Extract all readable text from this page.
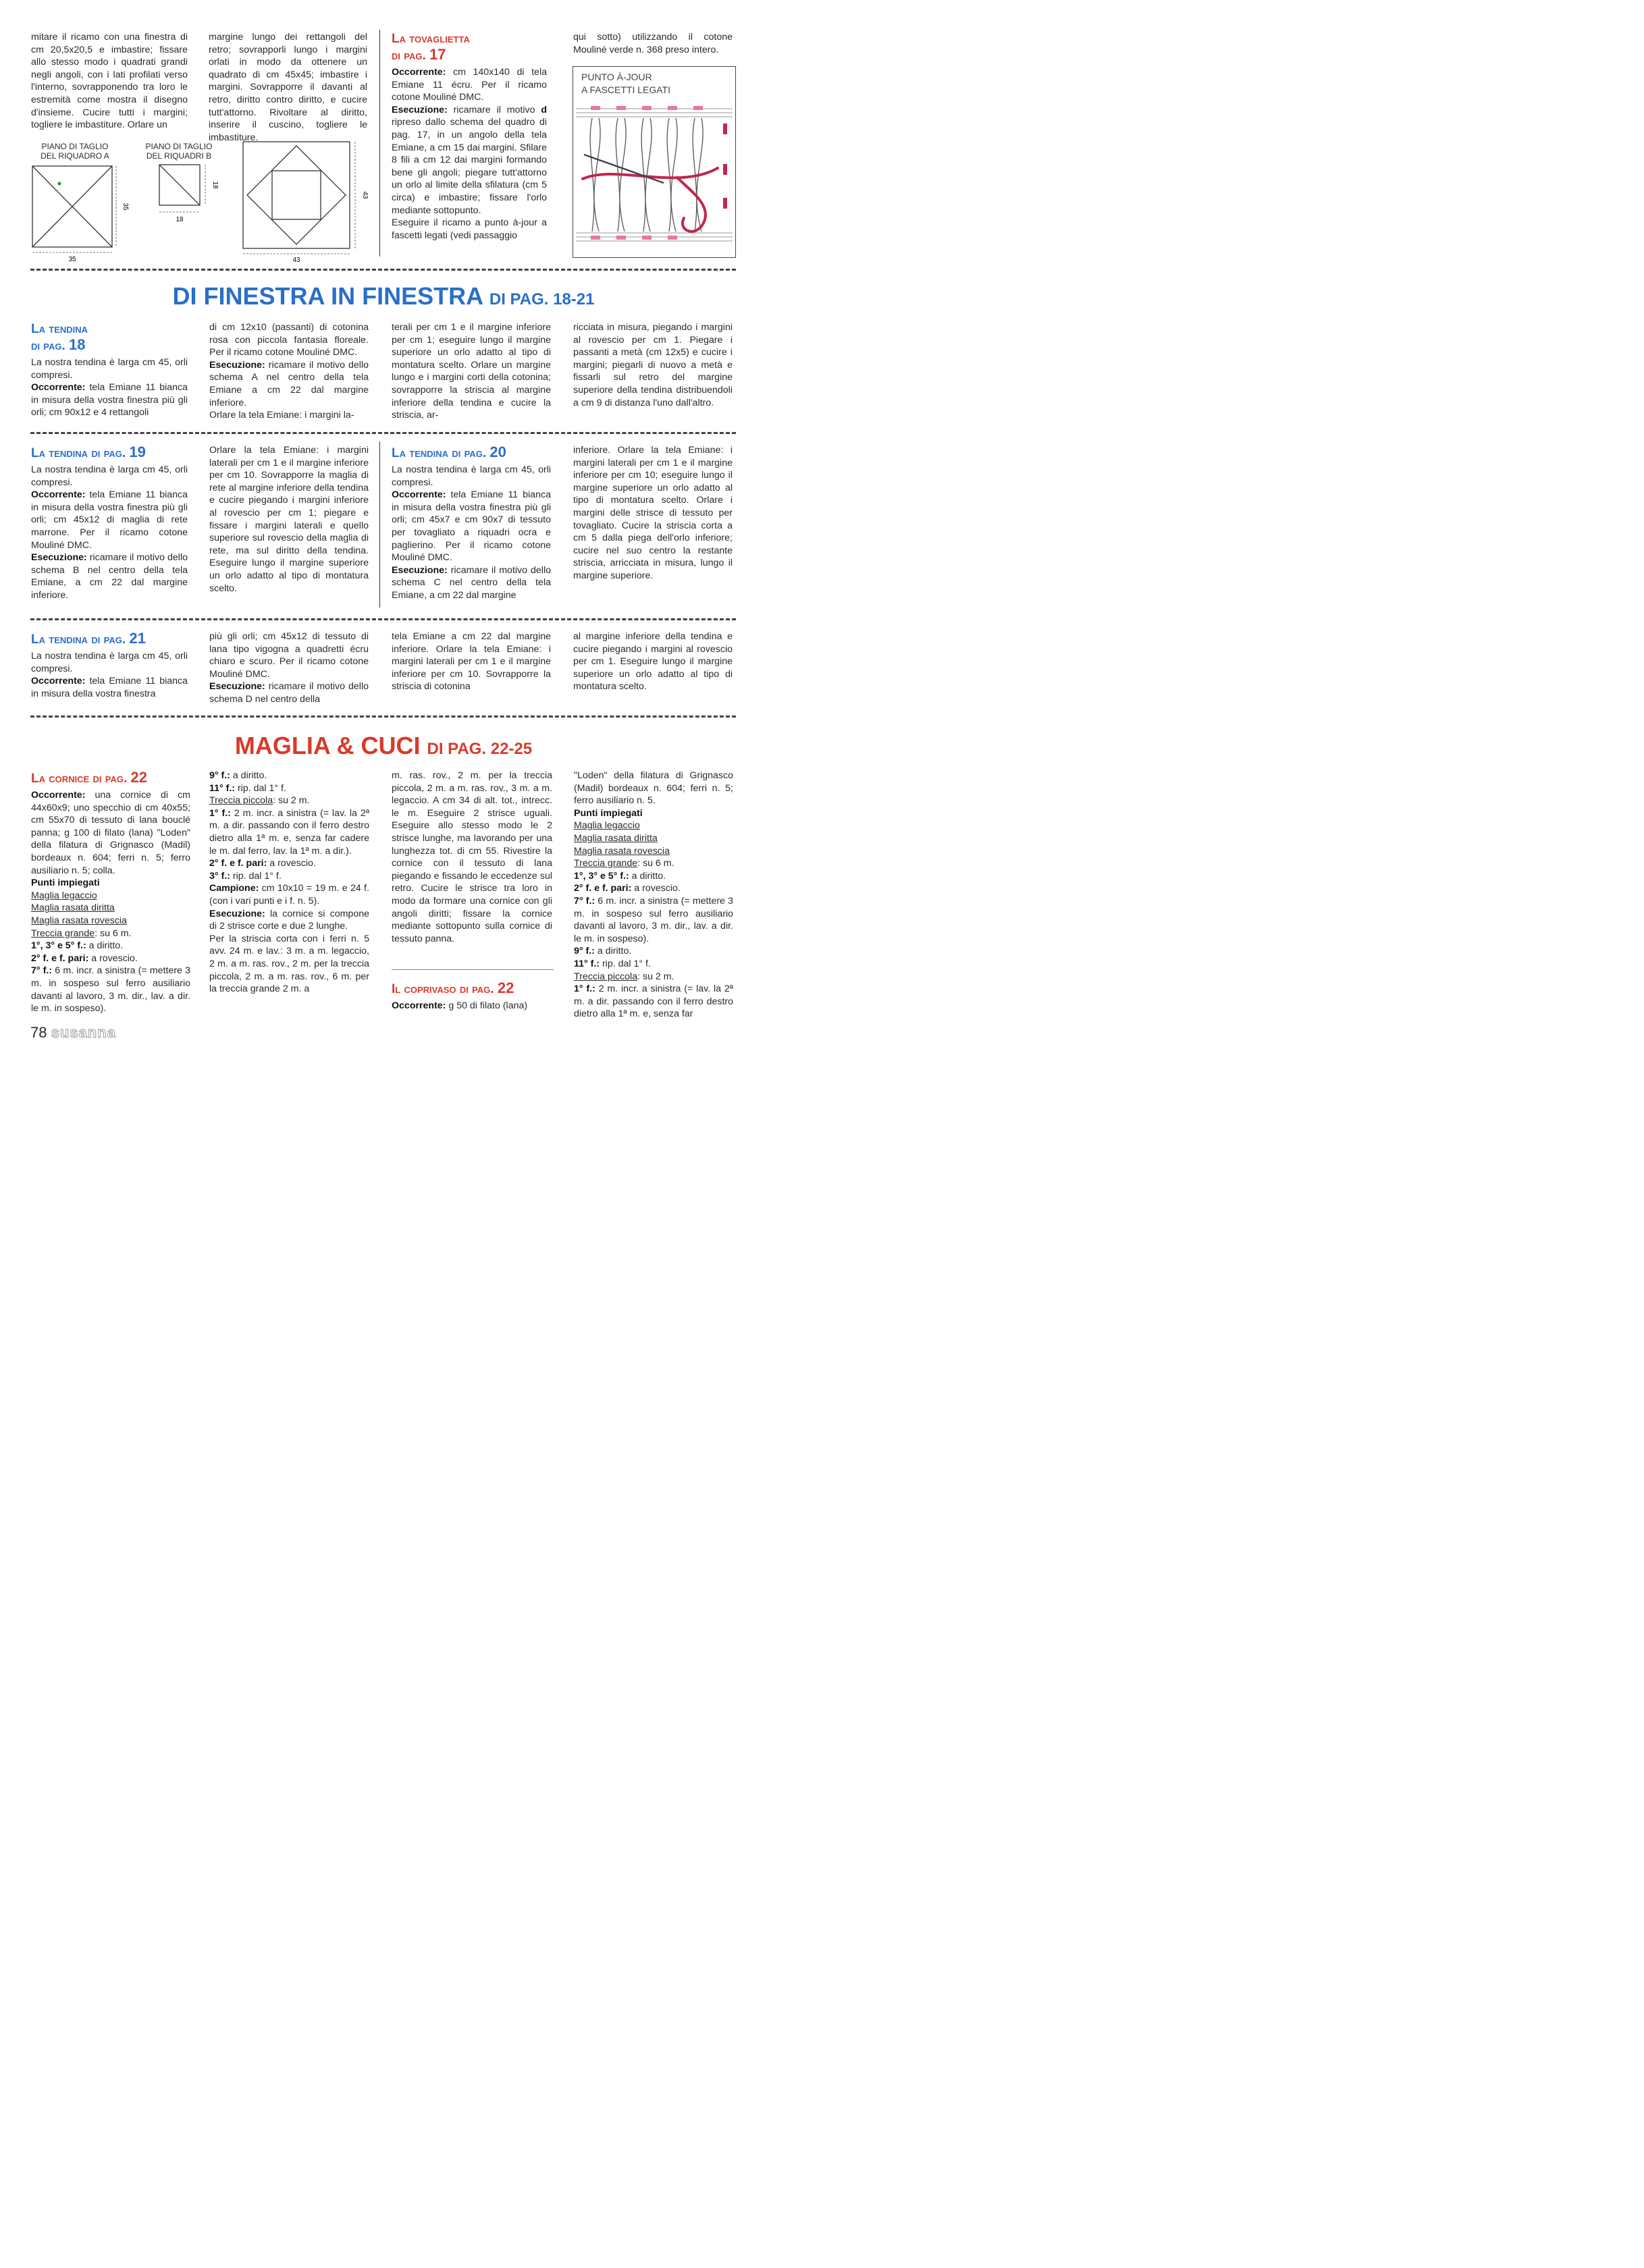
mitare il ricamo con una finestra di cm 20,5x20,5 e imbastire; fissare allo stesso modo i quadrati grandi negli angoli, con i lati profilati verso l'interno, sovrapponendo tra loro le estremità come mostra il disegno d'insieme. Cucire tutti i margini; togliere le imbastiture. Orlare un

margine lungo dei rettangoli del retro; sovrapporli lungo i margini orlati in modo da ottenere un quadrato di cm 45x45; imbastire i margini. Sovrapporre il davanti al retro, diritto contro diritto, e cucire tutt'attorno. Rivoltare al diritto, inserire il cuscino, togliere le imbastiture.

PIANO DI TAGLIO
DEL RIQUADRO A
PIANO DI TAGLIO
DEL RIQUADRI B
35
35
18
18
43
43
La tovaglietta
di pag. 17

Occorrente: cm 140x140 di tela Emiane 11 écru. Per il ricamo cotone Mouliné DMC.

Esecuzione: ricamare il motivo d ripreso dallo schema del quadro di pag. 17, in un angolo della tela Emiane, a cm 15 dai margini. Sfilare 8 fili a cm 12 dai margini formando bene gli angoli; piegare tutt'attorno un orlo al limite della sfilatura (cm 5 circa) e imbastire; fissare l'orlo mediante sottopunto.

Eseguire il ricamo a punto à-jour a fascetti legati (vedi passaggio

qui sotto) utilizzando il cotone Mouliné verde n. 368 preso intero.

PUNTO À-JOUR
A FASCETTI LEGATI
DI FINESTRA IN FINESTRA DI PAG. 18-21
La tendina
di pag. 18

La nostra tendina è larga cm 45, orli compresi.

Occorrente: tela Emiane 11 bianca in misura della vostra finestra più gli orli; cm 90x12 e 4 rettangoli

di cm 12x10 (passanti) di cotonina rosa con piccola fantasia floreale. Per il ricamo cotone Mouliné DMC.

Esecuzione: ricamare il motivo dello schema A nel centro della tela Emiane a cm 22 dal margine inferiore.

Orlare la tela Emiane: i margini la-

terali per cm 1 e il margine inferiore per cm 1; eseguire lungo il margine superiore un orlo adatto al tipo di montatura scelto. Orlare un margine lungo e i margini corti della cotonina; sovrapporre la striscia al margine inferiore della tendina e cucire la striscia, ar-

ricciata in misura, piegando i margini al rovescio per cm 1. Piegare i passanti a metà (cm 12x5) e cucire i margini; piegarli di nuovo a metà e fissarli sul retro del margine superiore della tendina distribuendoli a cm 9 di distanza l'uno dall'altro.

La tendina di pag. 19

La nostra tendina è larga cm 45, orli compresi.

Occorrente: tela Emiane 11 bianca in misura della vostra finestra più gli orli; cm 45x12 di maglia di rete marrone. Per il ricamo cotone Mouliné DMC.

Esecuzione: ricamare il motivo dello schema B nel centro della tela Emiane, a cm 22 dal margine inferiore.

Orlare la tela Emiane: i margini laterali per cm 1 e il margine inferiore per cm 10. Sovrapporre la maglia di rete al margine inferiore della tendina e cucire piegando i margini inferiore al rovescio per cm 1; piegare e fissare i margini laterali e quello superiore sul rovescio della maglia di rete, ma sul diritto della tendina. Eseguire lungo il margine superiore un orlo adatto al tipo di montatura scelto.

La tendina di pag. 20

La nostra tendina è larga cm 45, orli compresi.

Occorrente: tela Emiane 11 bianca in misura della vostra finestra più gli orli; cm 45x7 e cm 90x7 di tessuto per tovagliato a riquadri ocra e paglierino. Per il ricamo cotone Mouliné DMC.

Esecuzione: ricamare il motivo dello schema C nel centro della tela Emiane, a cm 22 dal margine

inferiore. Orlare la tela Emiane: i margini laterali per cm 1 e il margine inferiore per cm 10; eseguire lungo il margine superiore un orlo adatto al tipo di montatura scelto. Orlare i margini delle strisce di tessuto per tovagliato. Cucire la striscia corta a cm 5 dalla piega dell'orlo inferiore; cucire nel suo centro la restante striscia, arricciata in misura, lungo il margine superiore.

La tendina di pag. 21

La nostra tendina è larga cm 45, orli compresi.

Occorrente: tela Emiane 11 bianca in misura della vostra finestra

più gli orli; cm 45x12 di tessuto di lana tipo vigogna a quadretti écru chiaro e scuro. Per il ricamo cotone Mouliné DMC.

Esecuzione: ricamare il motivo dello schema D nel centro della

tela Emiane a cm 22 dal margine inferiore. Orlare la tela Emiane: i margini laterali per cm 1 e il margine inferiore per cm 10. Sovrapporre la striscia di cotonina

al margine inferiore della tendina e cucire piegando i margini al rovescio per cm 1. Eseguire lungo il margine superiore un orlo adatto al tipo di montatura scelto.

MAGLIA & CUCI DI PAG. 22-25
La cornice di pag. 22

Occorrente: una cornice di cm 44x60x9; uno specchio di cm 40x55; cm 55x70 di tessuto di lana bouclé panna; g 100 di filato (lana) "Loden" della filatura di Grignasco (Madil) bordeaux n. 604; ferri n. 5; ferro ausiliario n. 5; colla.

Punti impiegati

Maglia legaccio

Maglia rasata diritta

Maglia rasata rovescia

Treccia grande: su 6 m.

1°, 3° e 5° f.: a diritto.

2° f. e f. pari: a rovescio.

7° f.: 6 m. incr. a sinistra (= mettere 3 m. in sospeso sul ferro ausiliario davanti al lavoro, 3 m. dir., lav. a dir. le m. in sospeso).

9° f.: a diritto.

11° f.: rip. dal 1° f.

Treccia piccola: su 2 m.

1° f.: 2 m. incr. a sinistra (= lav. la 2ª m. a dir. passando con il ferro destro dietro alla 1ª m. e, senza far cadere le m. dal ferro, lav. la 1ª m. a dir.).

2° f. e f. pari: a rovescio.

3° f.: rip. dal 1° f.

Campione: cm 10x10 = 19 m. e 24 f. (con i vari punti e i f. n. 5).

Esecuzione: la cornice si compone di 2 strisce corte e due 2 lunghe.

Per la striscia corta con i ferri n. 5 avv. 24 m. e lav.: 3 m. a m. legaccio, 2 m. a m. ras. rov., 2 m. per la treccia piccola, 2 m. a m. ras. rov., 6 m. per la treccia grande 2 m. a

m. ras. rov., 2 m. per la treccia piccola, 2 m. a m. ras. rov., 3 m. a m. legaccio. A cm 34 di alt. tot., intrecc. le m. Eseguire 2 strisce uguali. Eseguire allo stesso modo le 2 strisce lunghe, ma lavorando per una lunghezza tot. di cm 55. Rivestire la cornice con il tessuto di lana piegando e fissando le eccedenze sul retro. Cucire le strisce tra loro in modo da formare una cornice con gli angoli diritti; fissare la cornice mediante sottopunto sulla cornice di tessuto panna.

Il coprivaso di pag. 22

Occorrente: g 50 di filato (lana)

"Loden" della filatura di Grignasco (Madil) bordeaux n. 604; ferri n. 5; ferro ausiliario n. 5.

Punti impiegati

Maglia legaccio

Maglia rasata diritta

Maglia rasata rovescia

Treccia grande: su 6 m.

1°, 3° e 5° f.: a diritto.

2° f. e f. pari: a rovescio.

7° f.: 6 m. incr. a sinistra (= mettere 3 m. in sospeso sul ferro ausiliario davanti al lavoro, 3 m. dir., lav. a dir. le m. in sospeso).

9° f.: a diritto.

11° f.: rip. dal 1° f.

Treccia piccola: su 2 m.

1° f.: 2 m. incr. a sinistra (= lav. la 2ª m. a dir. passando con il ferro destro dietro alla 1ª m. e, senza far

78 susanna
